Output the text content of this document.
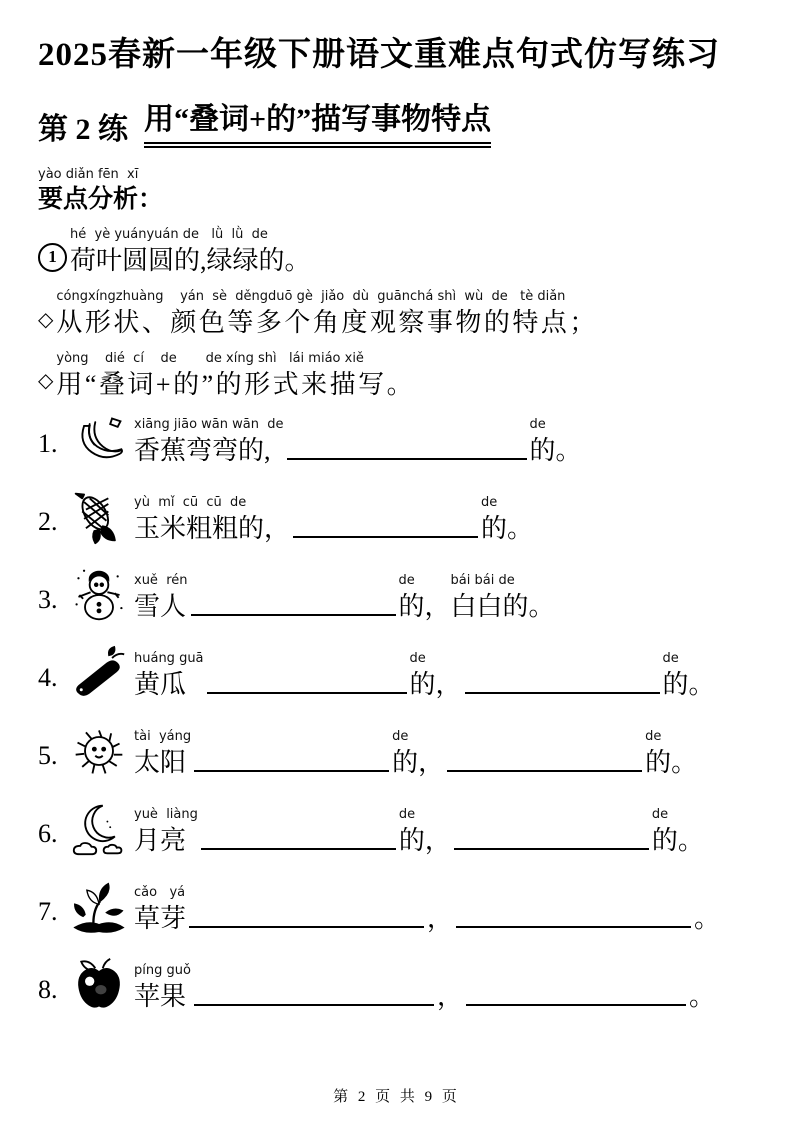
2025春新一年级下册语文重难点句式仿写练习
第 2 练 用“叠词+的”描写事物特点
yào diǎn fēn  xī
要点分析：
1
hé  yè yuányuán de   lǜ  lǜ  de
荷叶圆圆的,绿绿的。
◇
cóngxíngzhuàng    yán  sè  děngduō gè  jiǎo  dù  guānchá shì  wù  de   tè diǎn
从形状、颜色等多个角度观察事物的特点；
◇
yòng    dié  cí    de       de xíng shì   lái miáo xiě
用“叠词+的”的形式来描写。
1.
xiāng jiāo wān wān  de
香蕉弯弯的,
de
的。
2.
yù  mǐ  cū  cū  de
玉米粗粗的，
de
的。
3.
xuě  rén
雪人
de
的，
bái bái de
白白的。
4.
huáng guā
黄瓜
de
的，
de
的。
5.
tài  yáng
太阳
de
的，
de
的。
6.
yuè  liàng
月亮
de
的，
de
的。
7.
cǎo   yá
草芽	，	。
8.
píng guǒ
苹果	，	。
第 2 页 共 9 页
